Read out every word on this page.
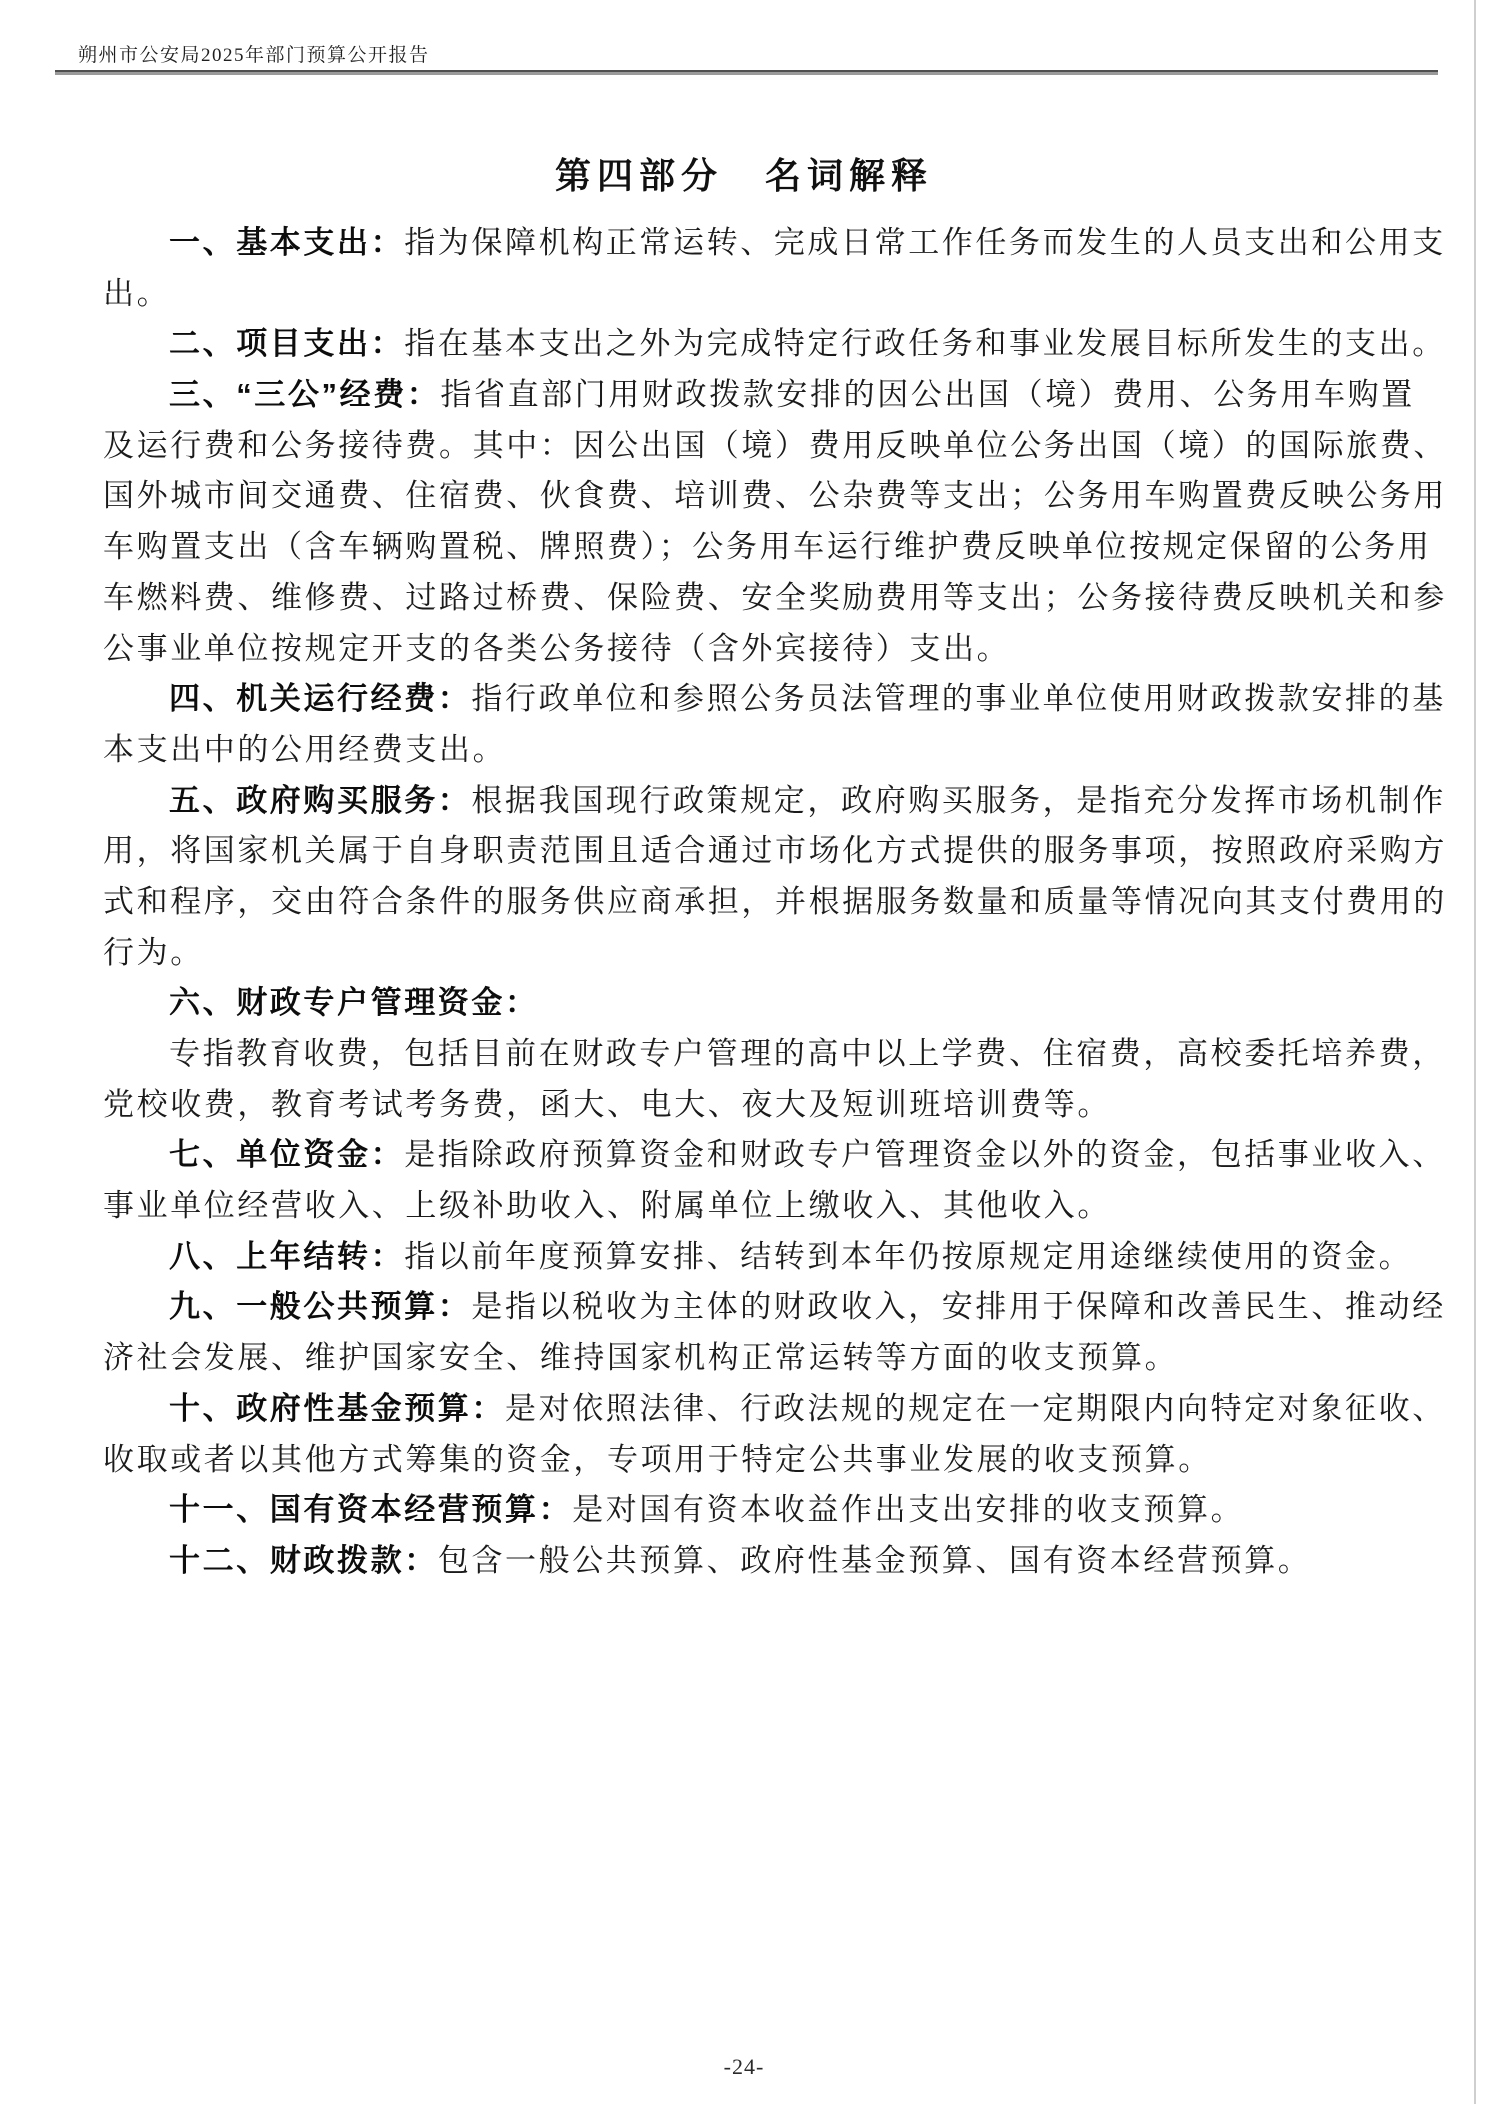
朔州市公安局2025年部门预算公开报告
第四部分　名词解释
一、基本支出：指为保障机构正常运转、完成日常工作任务而发生的人员支出和公用支
出。
二、项目支出：指在基本支出之外为完成特定行政任务和事业发展目标所发生的支出。
三、“三公”经费：指省直部门用财政拨款安排的因公出国（境）费用、公务用车购置
及运行费和公务接待费。其中：因公出国（境）费用反映单位公务出国（境）的国际旅费、
国外城市间交通费、住宿费、伙食费、培训费、公杂费等支出；公务用车购置费反映公务用
车购置支出（含车辆购置税、牌照费）；公务用车运行维护费反映单位按规定保留的公务用
车燃料费、维修费、过路过桥费、保险费、安全奖励费用等支出；公务接待费反映机关和参
公事业单位按规定开支的各类公务接待（含外宾接待）支出。
四、机关运行经费：指行政单位和参照公务员法管理的事业单位使用财政拨款安排的基
本支出中的公用经费支出。
五、政府购买服务：根据我国现行政策规定，政府购买服务，是指充分发挥市场机制作
用，将国家机关属于自身职责范围且适合通过市场化方式提供的服务事项，按照政府采购方
式和程序，交由符合条件的服务供应商承担，并根据服务数量和质量等情况向其支付费用的
行为。
六、财政专户管理资金：
专指教育收费，包括目前在财政专户管理的高中以上学费、住宿费，高校委托培养费，
党校收费，教育考试考务费，函大、电大、夜大及短训班培训费等。
七、单位资金：是指除政府预算资金和财政专户管理资金以外的资金，包括事业收入、
事业单位经营收入、上级补助收入、附属单位上缴收入、其他收入。
八、上年结转：指以前年度预算安排、结转到本年仍按原规定用途继续使用的资金。
九、一般公共预算：是指以税收为主体的财政收入，安排用于保障和改善民生、推动经
济社会发展、维护国家安全、维持国家机构正常运转等方面的收支预算。
十、政府性基金预算：是对依照法律、行政法规的规定在一定期限内向特定对象征收、
收取或者以其他方式筹集的资金，专项用于特定公共事业发展的收支预算。
十一、国有资本经营预算：是对国有资本收益作出支出安排的收支预算。
十二、财政拨款：包含一般公共预算、政府性基金预算、国有资本经营预算。
-24-
